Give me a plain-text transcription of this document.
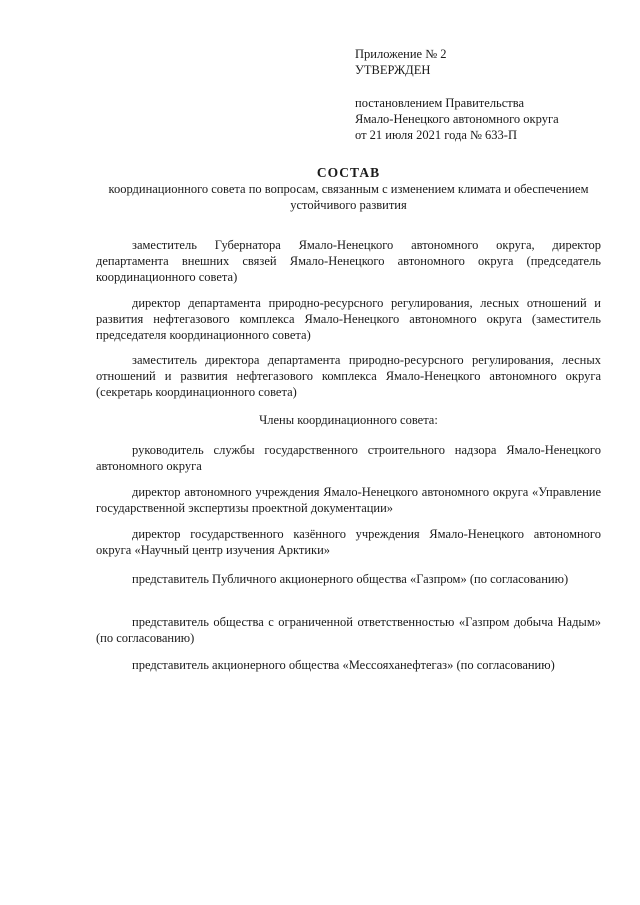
Приложение № 2
УТВЕРЖДЕН
постановлением Правительства
Ямало-Ненецкого автономного округа
от 21 июля 2021 года № 633-П
СОСТАВ
координационного совета по вопросам, связанным с изменением климата и обеспечением устойчивого развития
заместитель Губернатора Ямало-Ненецкого автономного округа, директор департамента внешних связей Ямало-Ненецкого автономного округа (председатель координационного совета)
директор департамента природно-ресурсного регулирования, лесных отношений и развития нефтегазового комплекса Ямало-Ненецкого автономного округа (заместитель председателя координационного совета)
заместитель директора департамента природно-ресурсного регулирования, лесных отношений и развития нефтегазового комплекса Ямало-Ненецкого автономного округа (секретарь координационного совета)
Члены координационного совета:
руководитель службы государственного строительного надзора Ямало-Ненецкого автономного округа
директор автономного учреждения Ямало-Ненецкого автономного округа «Управление государственной экспертизы проектной документации»
директор государственного казённого учреждения Ямало-Ненецкого автономного округа «Научный центр изучения Арктики»
представитель Публичного акционерного общества «Газпром» (по согласованию)
представитель общества с ограниченной ответственностью «Газпром добыча Надым» (по согласованию)
представитель акционерного общества «Мессояханефтегаз» (по согласованию)
